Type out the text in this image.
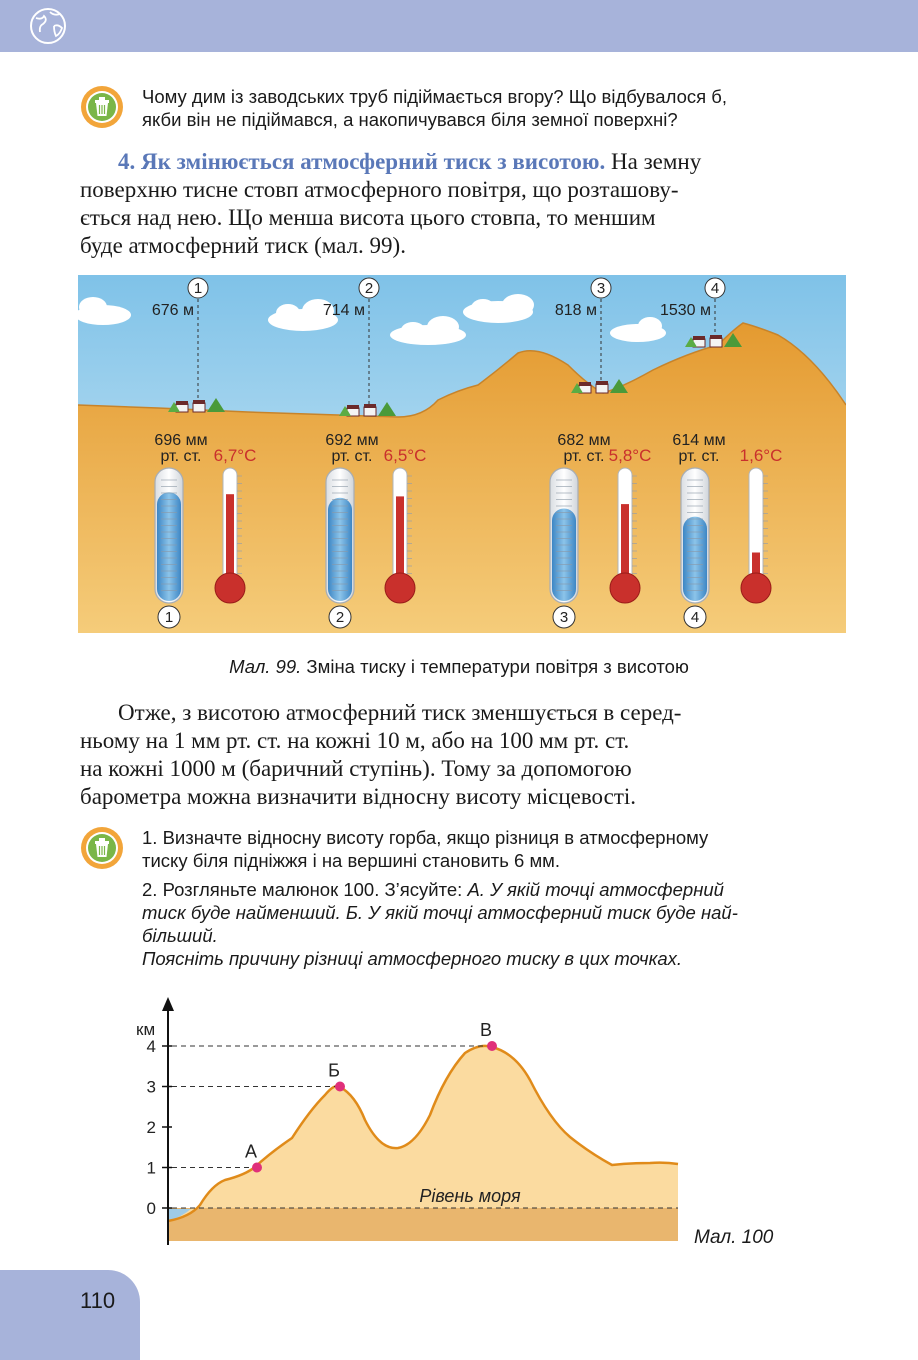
Чому дим із заводських труб підіймається вгору? Що відбувалося б,
якби він не підіймався, а накопичувався біля земної поверхні?
4. Як змінюється атмосферний тиск з висотою. На земну
поверхню тисне стовп атмосферного повітря, що розташову-
ється над нею. Що менша висота цього стовпа, то меншим
буде атмосферний тиск (мал. 99).
1
676 м
696 мм
рт. ст. 6,7°C
1
2
714 м
692 мм
рт. ст. 6,5°C
2
3
818 м
682 мм
рт. ст. 5,8°C
3
4
1530 м
614 мм
рт. ст. 1,6°C
4
Мал. 99. Зміна тиску і температури повітря з висотою
Отже, з висотою атмосферний тиск зменшується в серед-
ньому на 1 мм рт. ст. на кожні 10 м, або на 100 мм рт. ст.
на кожні 1000 м (баричний ступінь). Тому за допомогою
барометра можна визначити відносну висоту місцевості.
1. Визначте відносну висоту горба, якщо різниця в атмосферному
тиску біля підніжжя і на вершині становить 6 мм.
2. Розгляньте малюнок 100. З’ясуйте: А. У якій точці атмосферний
тиск буде найменший. Б. У якій точці атмосферний тиск буде най-
більший.
Поясніть причину різниці атмосферного тиску в цих точках.
км
0
1
2
3
4
Рівень моря
А
Б
В
Мал. 100
110
